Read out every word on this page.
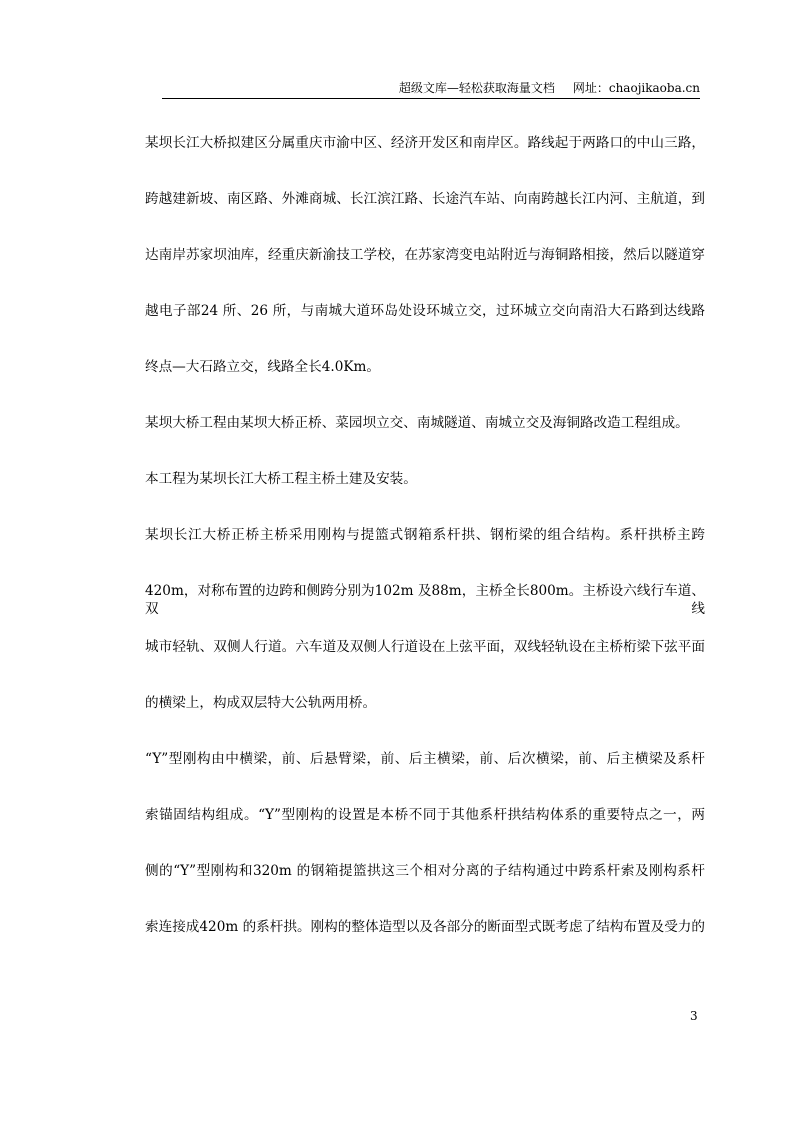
超级文库—轻松获取海量文档 网址：chaojikaoba.cn
某坝长江大桥拟建区分属重庆市渝中区、经济开发区和南岸区。路线起于两路口的中山三路，
跨越建新坡、南区路、外滩商城、长江滨江路、长途汽车站、向南跨越长江内河、主航道，到
达南岸苏家坝油库，经重庆新渝技工学校，在苏家湾变电站附近与海铜路相接，然后以隧道穿
越电子部24 所、26 所，与南城大道环岛处设环城立交，过环城立交向南沿大石路到达线路
终点—大石路立交，线路全长4.0Km。
某坝大桥工程由某坝大桥正桥、菜园坝立交、南城隧道、南城立交及海铜路改造工程组成。
本工程为某坝长江大桥工程主桥土建及安装。
某坝长江大桥正桥主桥采用刚构与提篮式钢箱系杆拱、钢桁梁的组合结构。系杆拱桥主跨
420m，对称布置的边跨和侧跨分别为102m 及88m，主桥全长800m。主桥设六线行车道、双线
城市轻轨、双侧人行道。六车道及双侧人行道设在上弦平面，双线轻轨设在主桥桁梁下弦平面
的横梁上，构成双层特大公轨两用桥。
“Y”型刚构由中横梁，前、后悬臂梁，前、后主横梁，前、后次横梁，前、后主横梁及系杆
索锚固结构组成。“Y”型刚构的设置是本桥不同于其他系杆拱结构体系的重要特点之一，两
侧的“Y”型刚构和320m 的钢箱提篮拱这三个相对分离的子结构通过中跨系杆索及刚构系杆
索连接成420m 的系杆拱。刚构的整体造型以及各部分的断面型式既考虑了结构布置及受力的
3
